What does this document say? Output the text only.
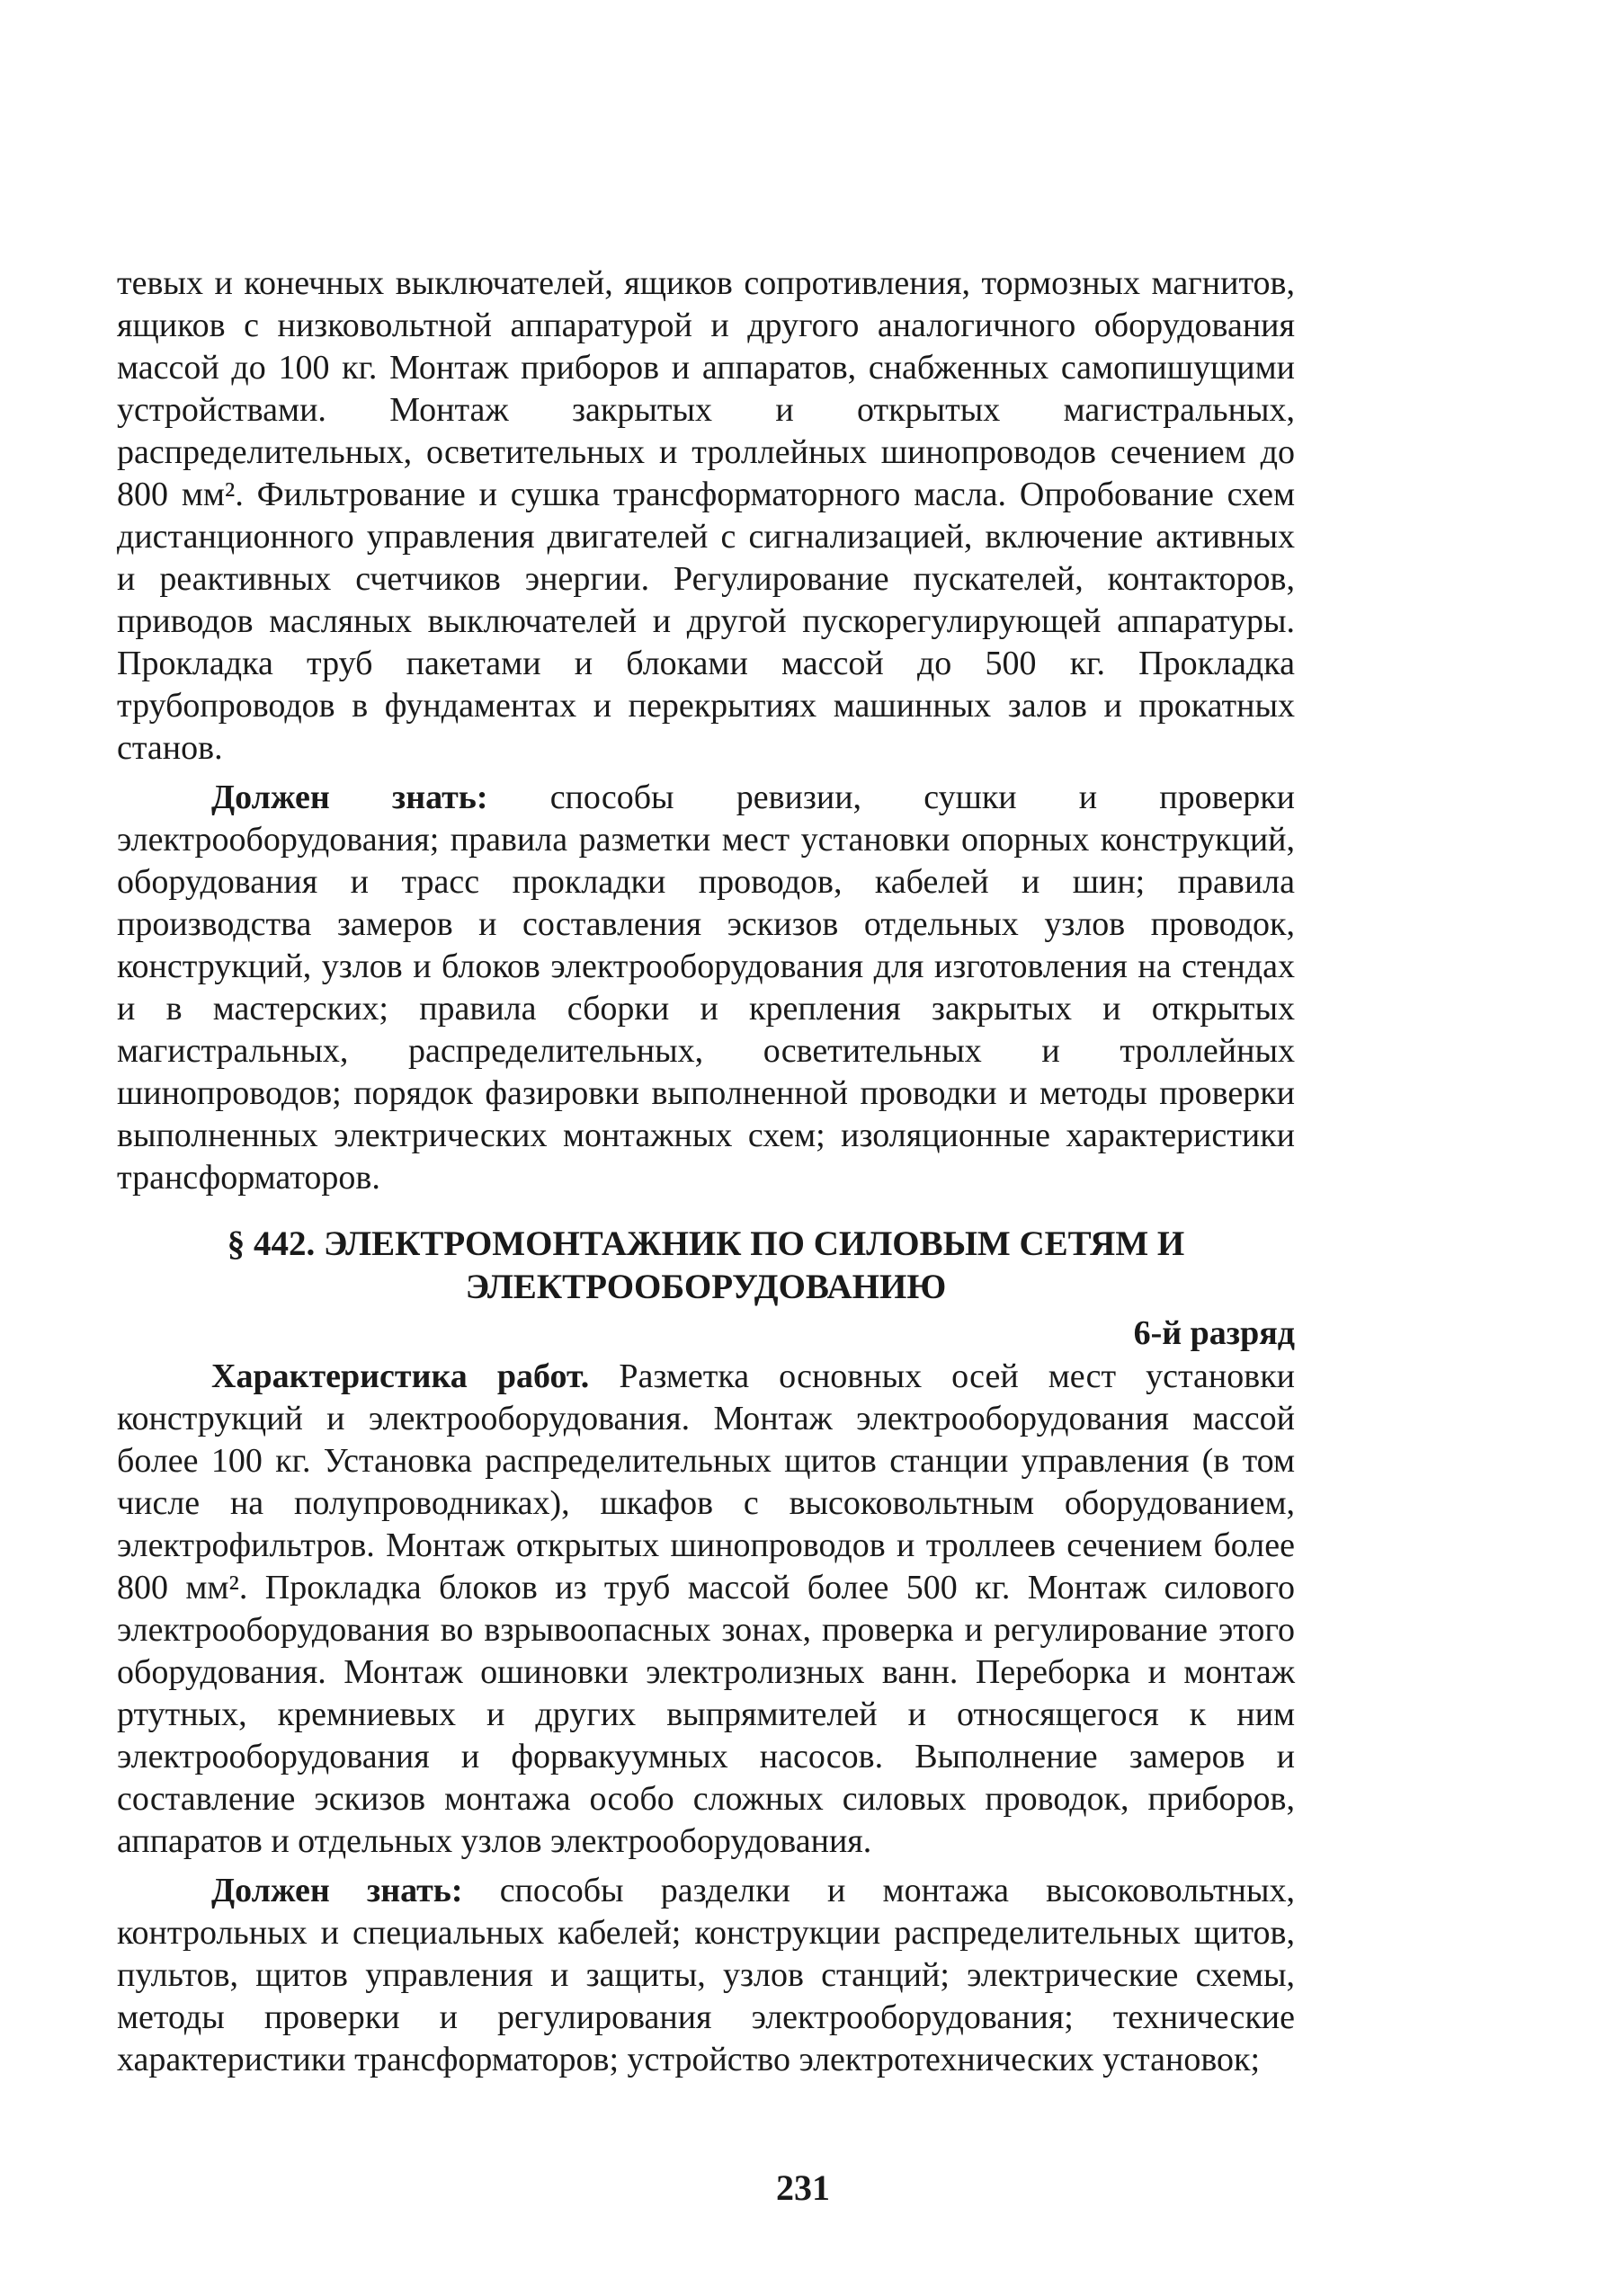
тевых и конечных выключателей, ящиков сопротивления, тормозных магнитов, ящиков с низковольтной аппаратурой и другого аналогичного оборудования массой до 100 кг. Монтаж приборов и аппаратов, снабженных самопишущими устройствами. Монтаж закрытых и открытых магистральных, распределительных, осветительных и троллейных шинопроводов сечением до 800 мм². Фильтрование и сушка трансформаторного масла. Опробование схем дистанционного управления двигателей с сигнализацией, включение активных и реактивных счетчиков энергии. Регулирование пускателей, контакторов, приводов масляных выключателей и другой пускорегулирующей аппаратуры. Прокладка труб пакетами и блоками массой до 500 кг. Прокладка трубопроводов в фундаментах и перекрытиях машинных залов и прокатных станов.

Должен знать: способы ревизии, сушки и проверки электрооборудования; правила разметки мест установки опорных конструкций, оборудования и трасс прокладки проводов, кабелей и шин; правила производства замеров и составления эскизов отдельных узлов проводок, конструкций, узлов и блоков электрооборудования для изготовления на стендах и в мастерских; правила сборки и крепления закрытых и открытых магистральных, распределительных, осветительных и троллейных шинопроводов; порядок фазировки выполненной проводки и методы проверки выполненных электрических монтажных схем; изоляционные характеристики трансформаторов.

§ 442. ЭЛЕКТРОМОНТАЖНИК ПО СИЛОВЫМ СЕТЯМ И
ЭЛЕКТРООБОРУДОВАНИЮ
6-й разряд

Характеристика работ. Разметка основных осей мест установки конструкций и электрооборудования. Монтаж электрооборудования массой более 100 кг. Установка распределительных щитов станции управления (в том числе на полупроводниках), шкафов с высоковольтным оборудованием, электрофильтров. Монтаж открытых шинопроводов и троллеев сечением более 800 мм². Прокладка блоков из труб массой более 500 кг. Монтаж силового электрооборудования во взрывоопасных зонах, проверка и регулирование этого оборудования. Монтаж ошиновки электролизных ванн. Переборка и монтаж ртутных, кремниевых и других выпрямителей и относящегося к ним электрооборудования и форвакуумных насосов. Выполнение замеров и составление эскизов монтажа особо сложных силовых проводок, приборов, аппаратов и отдельных узлов электрооборудования.

Должен знать: способы разделки и монтажа высоковольтных, контрольных и специальных кабелей; конструкции распределительных щитов, пультов, щитов управления и защиты, узлов станций; электрические схемы, методы проверки и регулирования электрооборудования; технические характеристики трансформаторов; устройство электротехнических установок;

231
